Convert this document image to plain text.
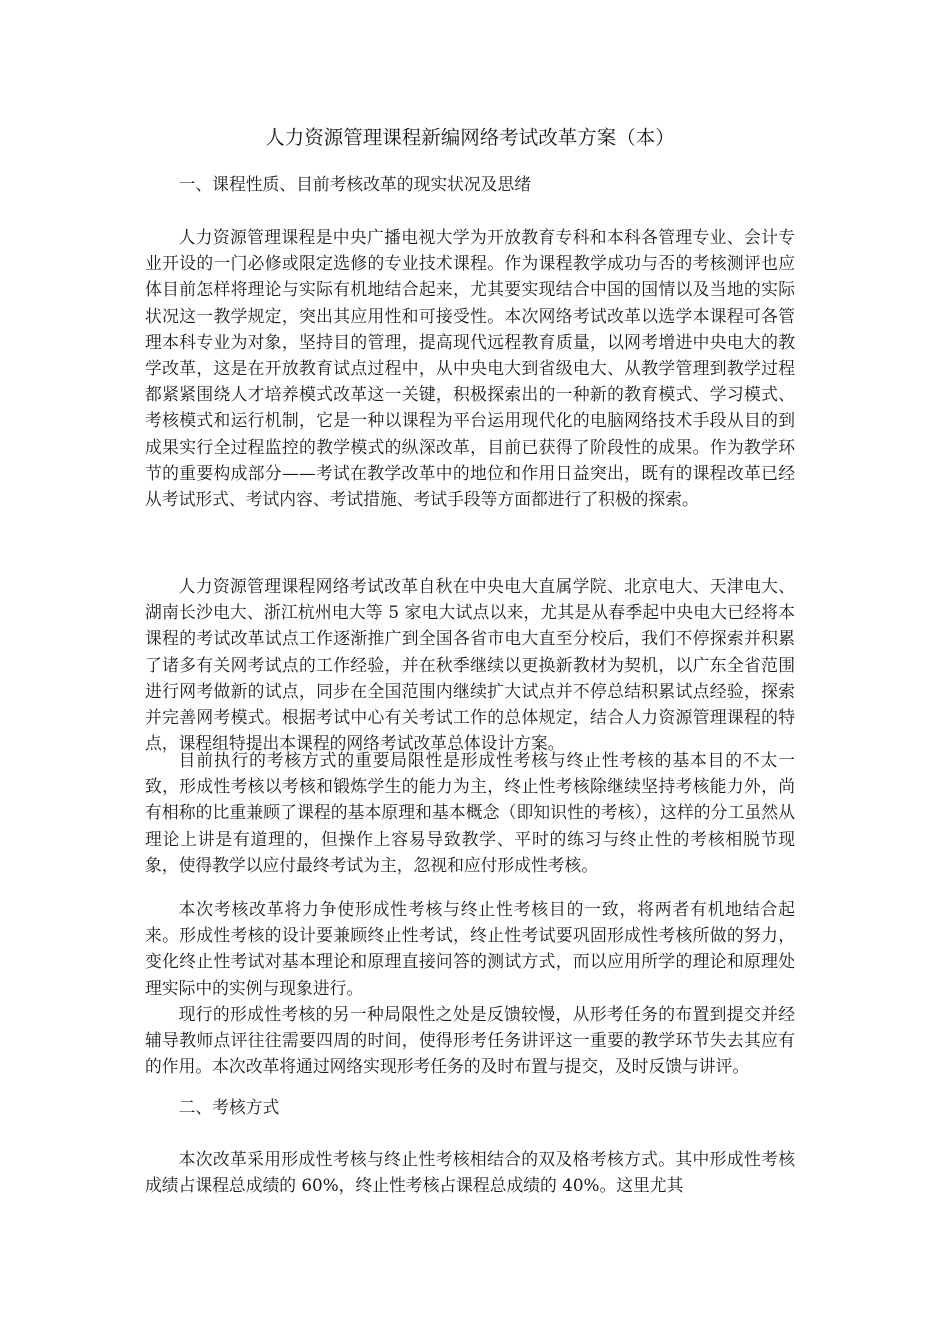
人力资源管理课程新编网络考试改革方案（本）

一、课程性质、目前考核改革的现实状况及思绪

人力资源管理课程是中央广播电视大学为开放教育专科和本科各管理专业、会计专业开设的一门必修或限定选修的专业技术课程。作为课程教学成功与否的考核测评也应体目前怎样将理论与实际有机地结合起来，尤其要实现结合中国的国情以及当地的实际状况这一教学规定，突出其应用性和可接受性。本次网络考试改革以选学本课程可各管理本科专业为对象，坚持目的管理，提高现代远程教育质量，以网考增进中央电大的教学改革，这是在开放教育试点过程中，从中央电大到省级电大、从教学管理到教学过程都紧紧围绕人才培养模式改革这一关键，积极探索出的一种新的教育模式、学习模式、考核模式和运行机制，它是一种以课程为平台运用现代化的电脑网络技术手段从目的到成果实行全过程监控的教学模式的纵深改革，目前已获得了阶段性的成果。作为教学环节的重要构成部分——考试在教学改革中的地位和作用日益突出，既有的课程改革已经从考试形式、考试内容、考试措施、考试手段等方面都进行了积极的探索。

人力资源管理课程网络考试改革自秋在中央电大直属学院、北京电大、天津电大、湖南长沙电大、浙江杭州电大等 5 家电大试点以来，尤其是从春季起中央电大已经将本课程的考试改革试点工作逐渐推广到全国各省市电大直至分校后，我们不停探索并积累了诸多有关网考试点的工作经验，并在秋季继续以更换新教材为契机，以广东全省范围进行网考做新的试点，同步在全国范围内继续扩大试点并不停总结积累试点经验，探索并完善网考模式。根据考试中心有关考试工作的总体规定，结合人力资源管理课程的特点，课程组特提出本课程的网络考试改革总体设计方案。

目前执行的考核方式的重要局限性是形成性考核与终止性考核的基本目的不太一致，形成性考核以考核和锻炼学生的能力为主，终止性考核除继续坚持考核能力外，尚有相称的比重兼顾了课程的基本原理和基本概念（即知识性的考核），这样的分工虽然从理论上讲是有道理的，但操作上容易导致教学、平时的练习与终止性的考核相脱节现象，使得教学以应付最终考试为主，忽视和应付形成性考核。

本次考核改革将力争使形成性考核与终止性考核目的一致，将两者有机地结合起来。形成性考核的设计要兼顾终止性考试，终止性考试要巩固形成性考核所做的努力，变化终止性考试对基本理论和原理直接问答的测试方式，而以应用所学的理论和原理处理实际中的实例与现象进行。

现行的形成性考核的另一种局限性之处是反馈较慢，从形考任务的布置到提交并经辅导教师点评往往需要四周的时间，使得形考任务讲评这一重要的教学环节失去其应有的作用。本次改革将通过网络实现形考任务的及时布置与提交，及时反馈与讲评。

二、考核方式

本次改革采用形成性考核与终止性考核相结合的双及格考核方式。其中形成性考核成绩占课程总成绩的 60%，终止性考核占课程总成绩的 40%。这里尤其
